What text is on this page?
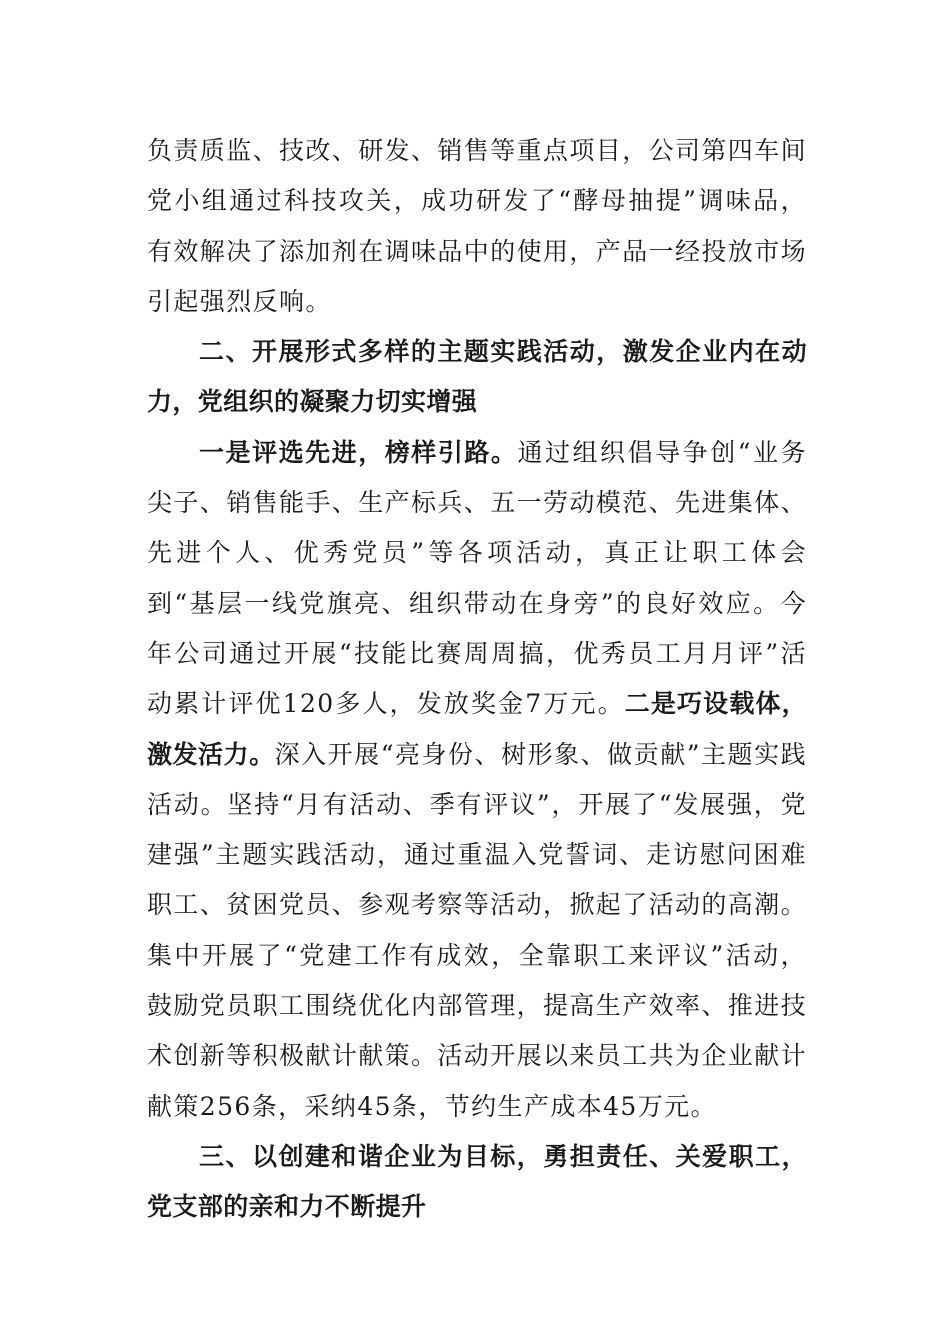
负责质监、技改、研发、销售等重点项目，公司第四车间党小组通过科技攻关，成功研发了“酵母抽提”调味品，有效解决了添加剂在调味品中的使用，产品一经投放市场引起强烈反响。

二、开展形式多样的主题实践活动，激发企业内在动力，党组织的凝聚力切实增强

一是评选先进，榜样引路。通过组织倡导争创“业务尖子、销售能手、生产标兵、五一劳动模范、先进集体、先进个人、优秀党员”等各项活动，真正让职工体会到“基层一线党旗亮、组织带动在身旁”的良好效应。今年公司通过开展“技能比赛周周搞，优秀员工月月评”活动累计评优120多人，发放奖金7万元。二是巧设载体，激发活力。深入开展“亮身份、树形象、做贡献”主题实践活动。坚持“月有活动、季有评议”，开展了“发展强，党建强”主题实践活动，通过重温入党誓词、走访慰问困难职工、贫困党员、参观考察等活动，掀起了活动的高潮。集中开展了“党建工作有成效，全靠职工来评议”活动，鼓励党员职工围绕优化内部管理，提高生产效率、推进技术创新等积极献计献策。活动开展以来员工共为企业献计献策256条，采纳45条，节约生产成本45万元。

三、以创建和谐企业为目标，勇担责任、关爱职工，党支部的亲和力不断提升
